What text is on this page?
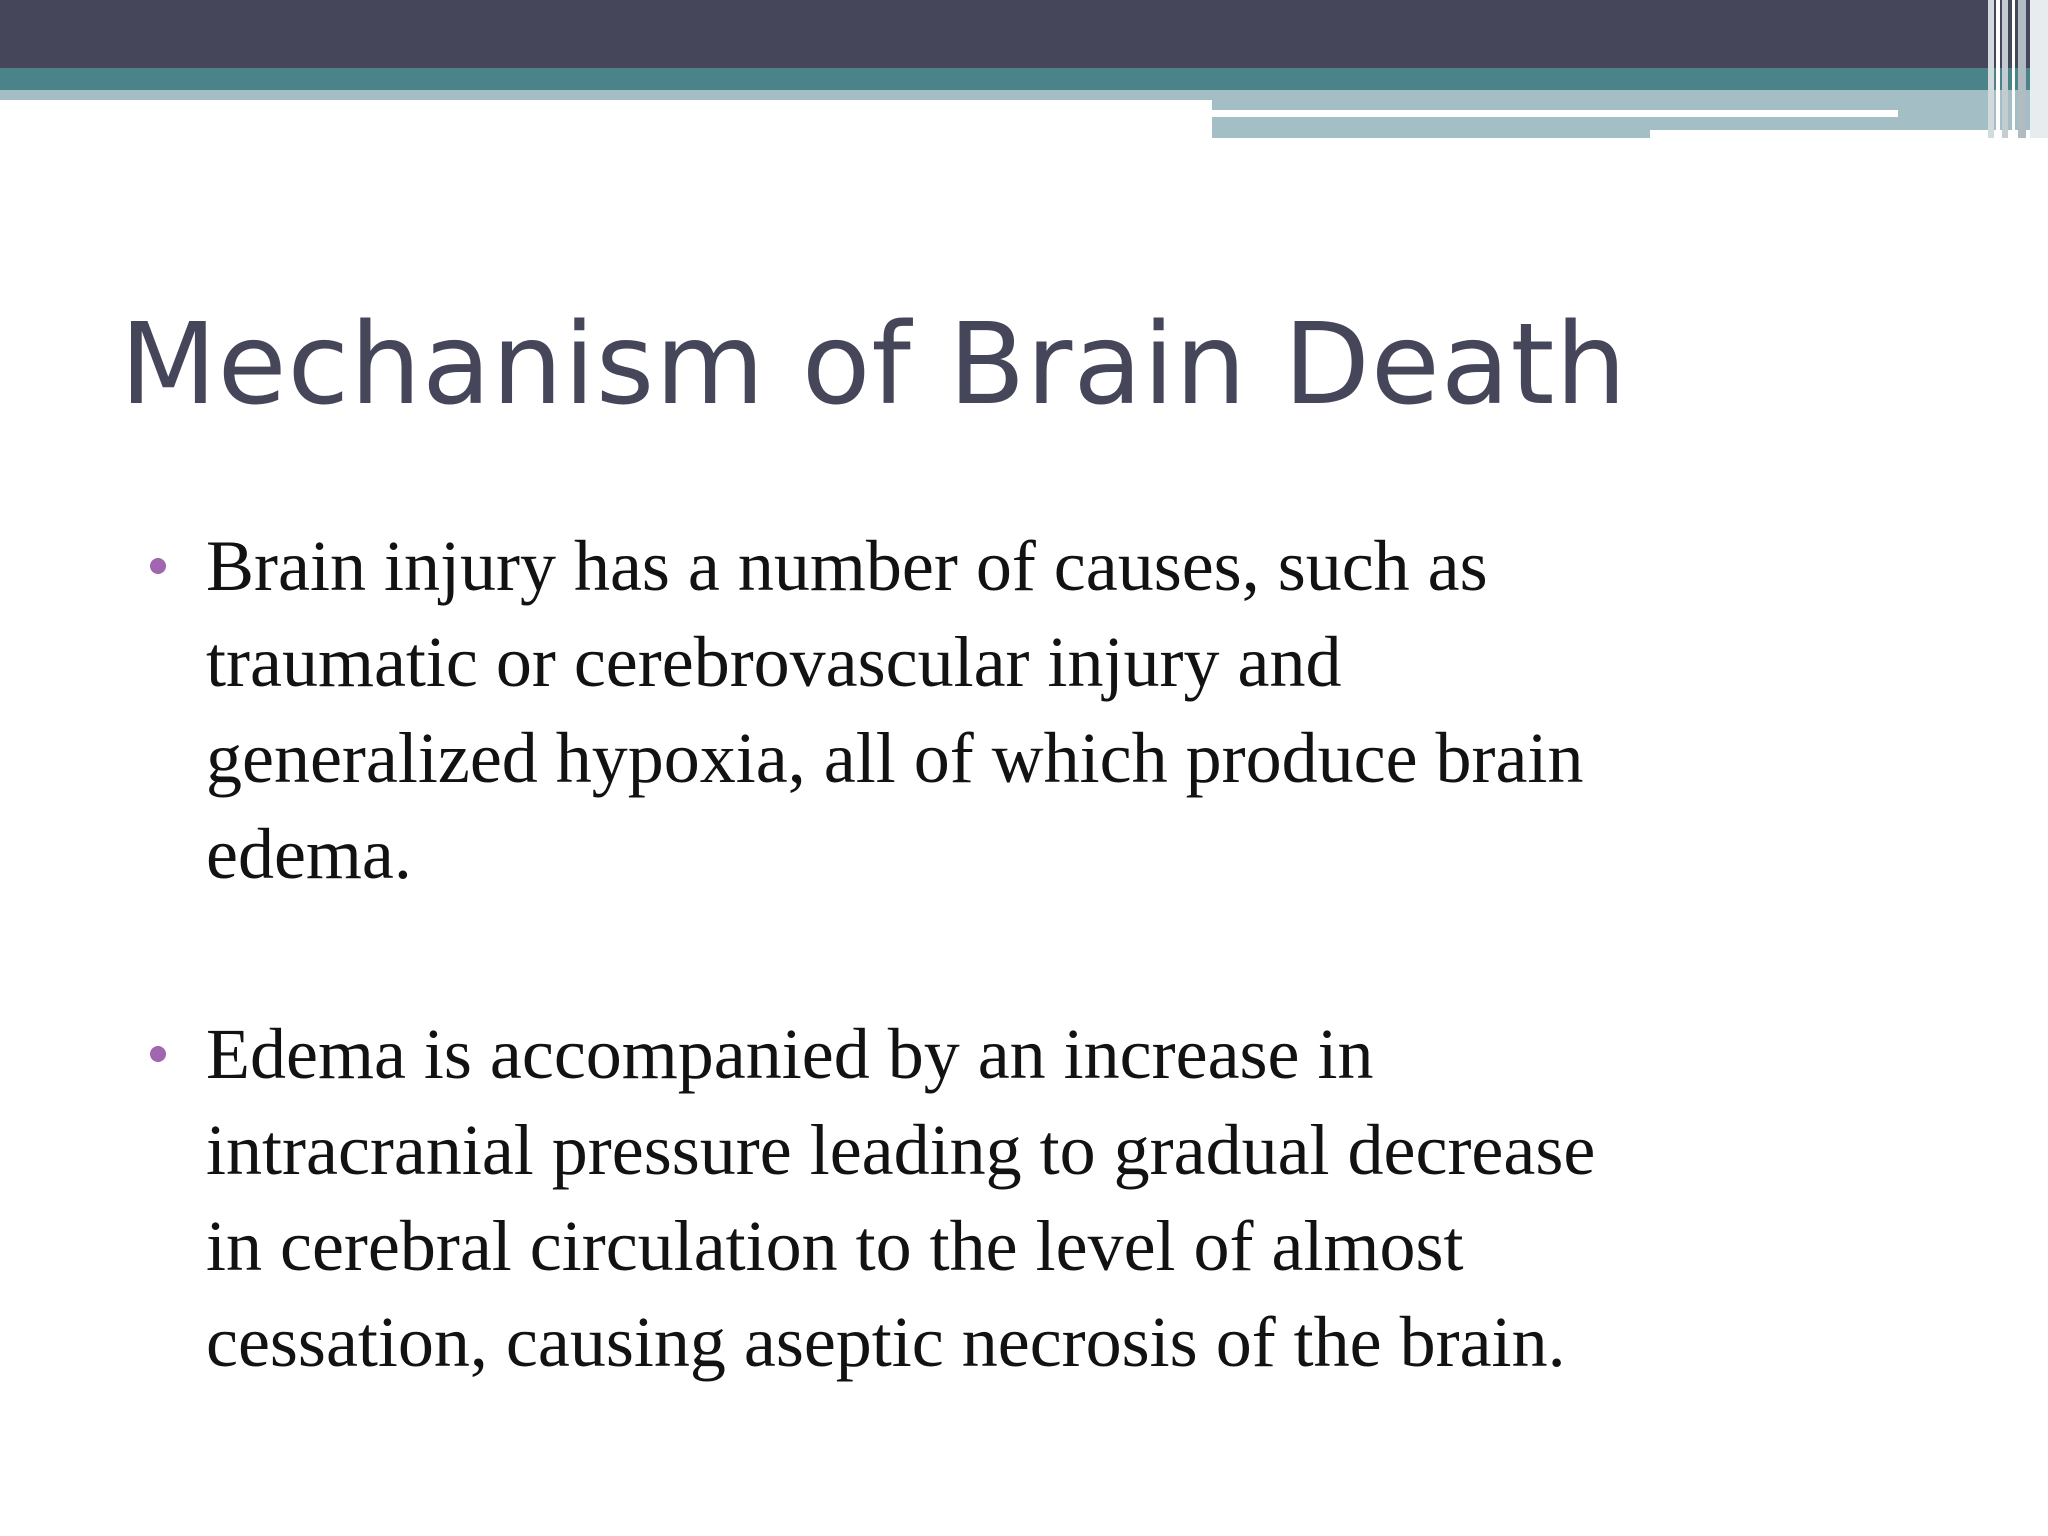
Mechanism of Brain Death
Brain injury has a number of causes, such as
traumatic or cerebrovascular injury and
generalized hypoxia, all of which produce brain
edema.
Edema is accompanied by an increase in
intracranial pressure leading to gradual decrease
in cerebral circulation to the level of almost
cessation, causing aseptic necrosis of the brain.
